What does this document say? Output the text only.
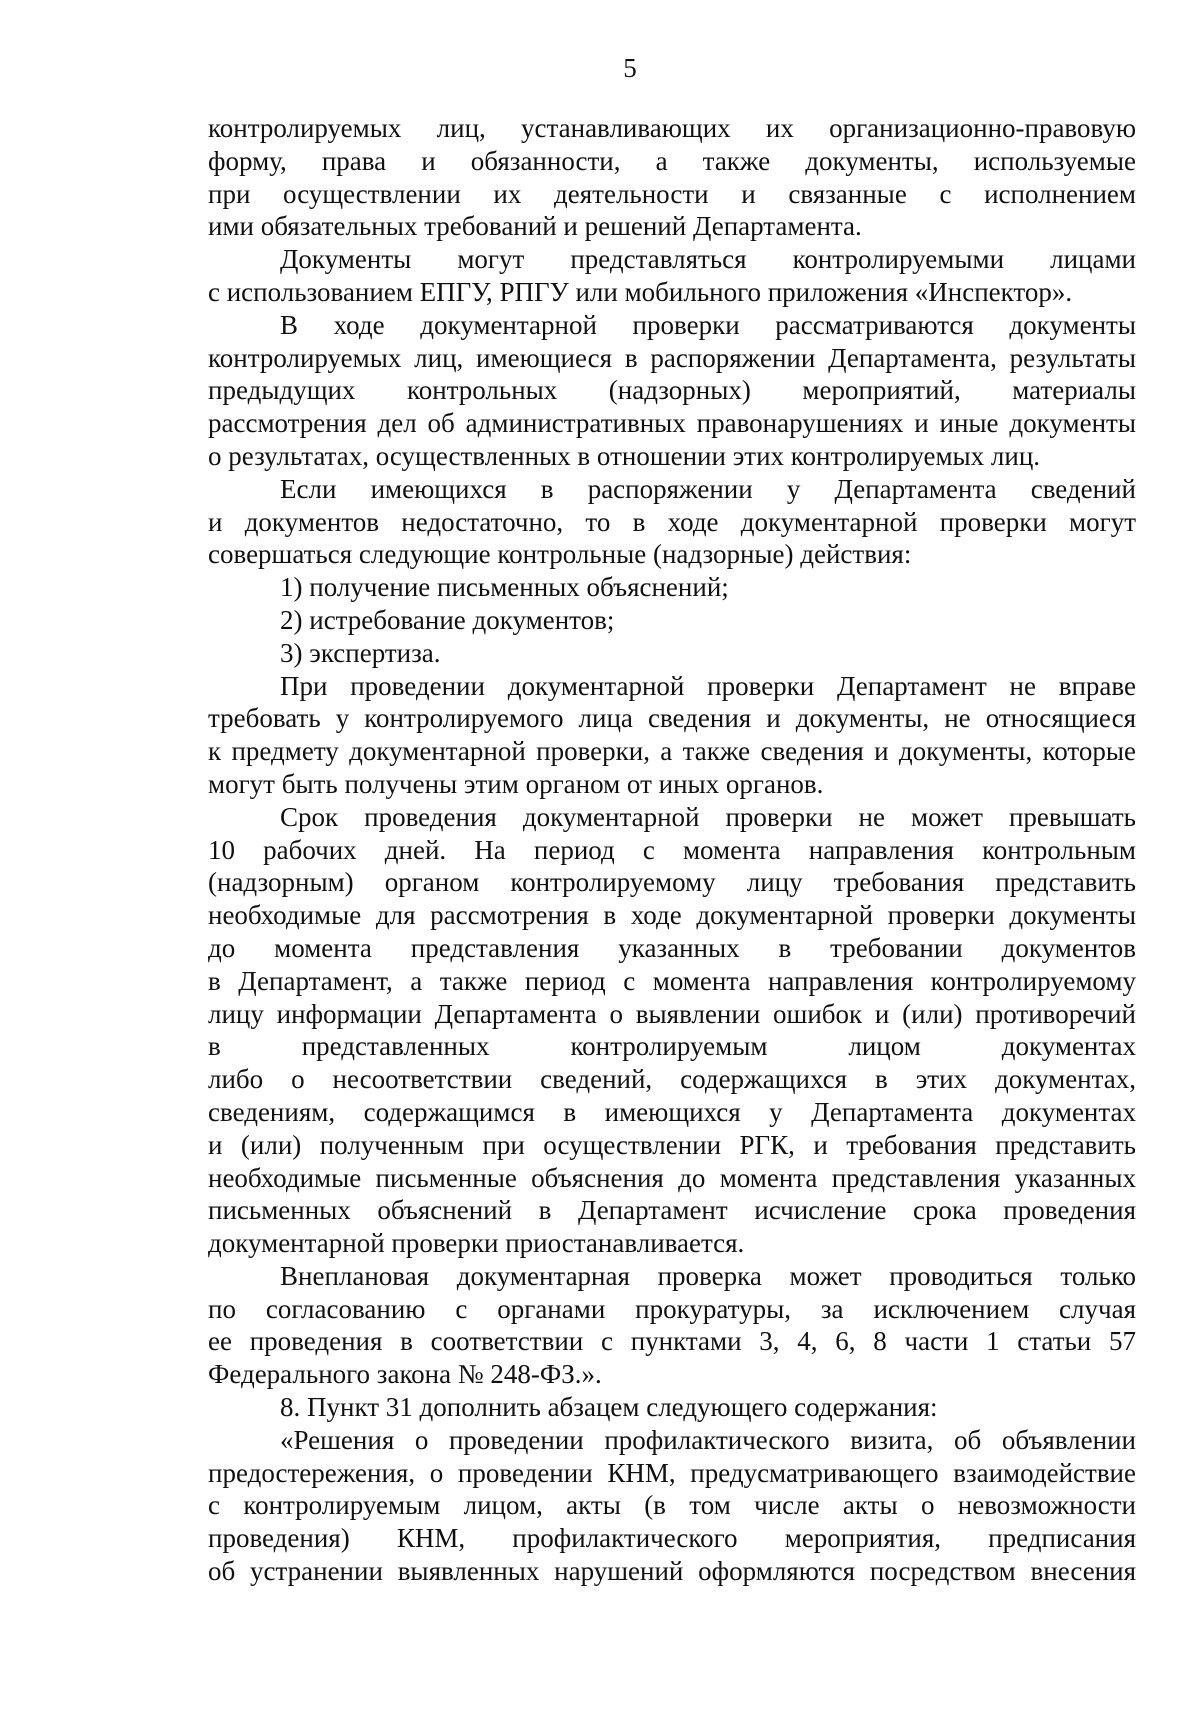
5
контролируемых лиц, устанавливающих их организационно-правовую
форму, права и обязанности, а также документы, используемые
при осуществлении их деятельности и связанные с исполнением
ими обязательных требований и решений Департамента.
Документы могут представляться контролируемыми лицами
с использованием ЕПГУ, РПГУ или мобильного приложения «Инспектор».
В ходе документарной проверки рассматриваются документы
контролируемых лиц, имеющиеся в распоряжении Департамента, результаты
предыдущих контрольных (надзорных) мероприятий, материалы
рассмотрения дел об административных правонарушениях и иные документы
о результатах, осуществленных в отношении этих контролируемых лиц.
Если имеющихся в распоряжении у Департамента сведений
и документов недостаточно, то в ходе документарной проверки могут
совершаться следующие контрольные (надзорные) действия:
1) получение письменных объяснений;
2) истребование документов;
3) экспертиза.
При проведении документарной проверки Департамент не вправе
требовать у контролируемого лица сведения и документы, не относящиеся
к предмету документарной проверки, а также сведения и документы, которые
могут быть получены этим органом от иных органов.
Срок проведения документарной проверки не может превышать
10 рабочих дней. На период с момента направления контрольным
(надзорным) органом контролируемому лицу требования представить
необходимые для рассмотрения в ходе документарной проверки документы
до момента представления указанных в требовании документов
в Департамент, а также период с момента направления контролируемому
лицу информации Департамента о выявлении ошибок и (или) противоречий
в представленных контролируемым лицом документах
либо о несоответствии сведений, содержащихся в этих документах,
сведениям, содержащимся в имеющихся у Департамента документах
и (или) полученным при осуществлении РГК, и требования представить
необходимые письменные объяснения до момента представления указанных
письменных объяснений в Департамент исчисление срока проведения
документарной проверки приостанавливается.
Внеплановая документарная проверка может проводиться только
по согласованию с органами прокуратуры, за исключением случая
ее проведения в соответствии с пунктами 3, 4, 6, 8 части 1 статьи 57
Федерального закона № 248-ФЗ.».
8. Пункт 31 дополнить абзацем следующего содержания:
«Решения о проведении профилактического визита, об объявлении
предостережения, о проведении КНМ, предусматривающего взаимодействие
с контролируемым лицом, акты (в том числе акты о невозможности
проведения) КНМ, профилактического мероприятия, предписания
об устранении выявленных нарушений оформляются посредством внесения
